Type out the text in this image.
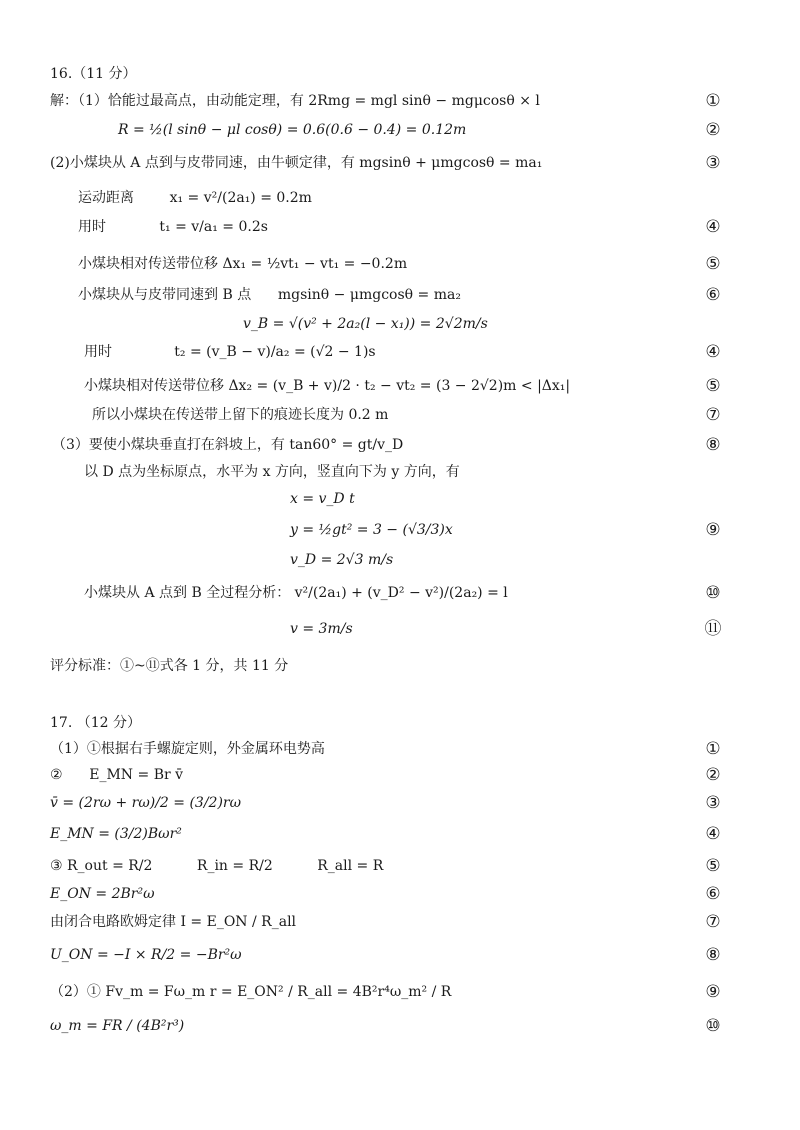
16.（11 分）
解：（1）恰能过最高点，由动能定理，有 2Rmg = mgl sinθ − mgμcosθ × l	①
R = ½(l sinθ − μl cosθ) = 0.6(0.6 − 0.4) = 0.12m	②
(2)小煤块从 A 点到与皮带同速，由牛顿定律，有 mgsinθ + μmgcosθ = ma₁	③
运动距离        x₁ = v²/(2a₁) = 0.2m
用时            t₁ = v/a₁ = 0.2s	④
小煤块相对传送带位移 Δx₁ = ½vt₁ − vt₁ = −0.2m	⑤
小煤块从与皮带同速到 B 点      mgsinθ − μmgcosθ = ma₂	⑥
v_B = √(v² + 2a₂(l − x₁)) = 2√2m/s
用时              t₂ = (v_B − v)/a₂ = (√2 − 1)s	④
小煤块相对传送带位移 Δx₂ = (v_B + v)/2 · t₂ − vt₂ = (3 − 2√2)m < |Δx₁|	⑤
所以小煤块在传送带上留下的痕迹长度为 0.2 m	⑦
（3）要使小煤块垂直打在斜坡上，有 tan60° = gt/v_D	⑧
以 D 点为坐标原点，水平为 x 方向，竖直向下为 y 方向，有
x = v_D t
y = ½gt² = 3 − (√3/3)x	⑨
v_D = 2√3 m/s
小煤块从 A 点到 B 全过程分析： v²/(2a₁) + (v_D² − v²)/(2a₂) = l	⑩
v = 3m/s	⑪
评分标准：①~⑪式各 1 分，共 11 分
17. （12 分）
（1）①根据右手螺旋定则，外金属环电势高	①
②      E_MN = Br v̄	②
v̄ = (2rω + rω)/2 = (3/2)rω	③
E_MN = (3/2)Bωr²	④
③ R_out = R/2          R_in = R/2          R_all = R	⑤
E_ON = 2Br²ω	⑥
由闭合电路欧姆定律 I = E_ON / R_all	⑦
U_ON = −I × R/2 = −Br²ω	⑧
（2）① Fv_m = Fω_m r = E_ON² / R_all = 4B²r⁴ω_m² / R	⑨
ω_m = FR / (4B²r³)	⑩
